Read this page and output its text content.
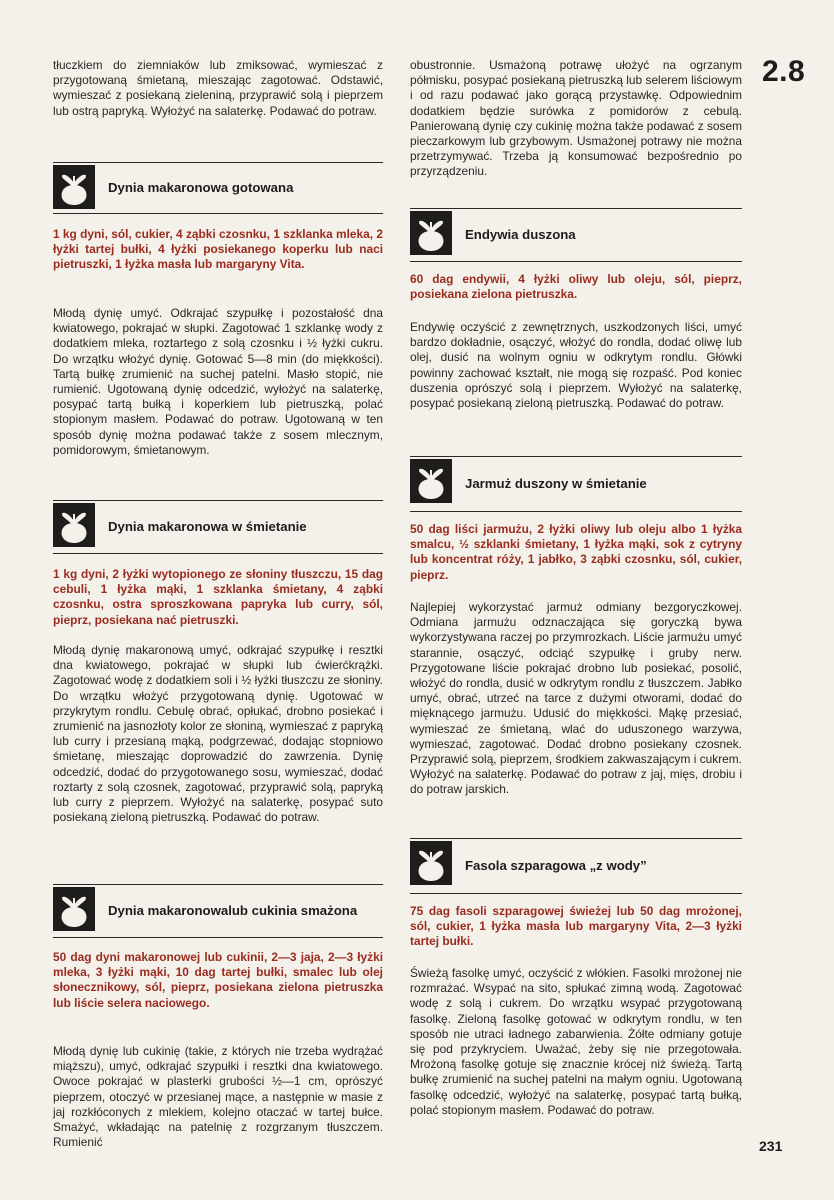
2.8

tłuczkiem do ziemniaków lub zmiksować, wymieszać z przygotowaną śmietaną, mieszając zagotować. Odstawić, wymieszać z posiekaną zieleniną, przyprawić solą i pieprzem lub ostrą papryką. Wyłożyć na salaterkę. Podawać do potraw.

Dynia makaronowa gotowana
1 kg dyni, sól, cukier, 4 ząbki czosnku, 1 szklanka mleka, 2 łyżki tartej bułki, 4 łyżki posiekanego koperku lub naci pietruszki, 1 łyżka masła lub margaryny Vita.

Młodą dynię umyć. Odkrajać szypułkę i pozostałość dna kwiatowego, pokrajać w słupki. Zagotować 1 szklankę wody z dodatkiem mleka, roztartego z solą czosnku i ½ łyżki cukru. Do wrzątku włożyć dynię. Gotować 5—8 min (do miękkości). Tartą bułkę zrumienić na suchej patelni. Masło stopić, nie rumienić. Ugotowaną dynię odcedzić, wyłożyć na salaterkę, posypać tartą bułką i koperkiem lub pietruszką, polać stopionym masłem. Podawać do potraw. Ugotowaną w ten sposób dynię można podawać także z sosem mlecznym, pomidorowym, śmietanowym.

Dynia makaronowa w śmietanie
1 kg dyni, 2 łyżki wytopionego ze słoniny tłuszczu, 15 dag cebuli, 1 łyżka mąki, 1 szklanka śmietany, 4 ząbki czosnku, ostra sproszkowana papryka lub curry, sól, pieprz, posiekana nać pietruszki.

Młodą dynię makaronową umyć, odkrajać szypułkę i resztki dna kwiatowego, pokrajać w słupki lub ćwierćkrążki. Zagotować wodę z dodatkiem soli i ½ łyżki tłuszczu ze słoniny. Do wrzątku włożyć przygotowaną dynię. Ugotować w przykrytym rondlu. Cebulę obrać, opłukać, drobno posiekać i zrumienić na jasnozłoty kolor ze słoniną, wymieszać z papryką lub curry i przesianą mąką, podgrzewać, dodając stopniowo śmietanę, mieszając doprowadzić do zawrzenia. Dynię odcedzić, dodać do przygotowanego sosu, wymieszać, dodać roztarty z solą czosnek, zagotować, przyprawić solą, papryką lub curry z pieprzem. Wyłożyć na salaterkę, posypać suto posiekaną zieloną pietruszką. Podawać do potraw.

Dynia makaronowa lub cukinia smażona
50 dag dyni makaronowej lub cukinii, 2—3 jaja, 2—3 łyżki mleka, 3 łyżki mąki, 10 dag tartej bułki, smalec lub olej słonecznikowy, sól, pieprz, posiekana zielona pietruszka lub liście selera naciowego.

Młodą dynię lub cukinię (takie, z których nie trzeba wydrążać miąższu), umyć, odkrajać szypułki i resztki dna kwiatowego. Owoce pokrajać w plasterki grubości ½—1 cm, oprószyć pieprzem, otoczyć w przesianej mące, a następnie w masie z jaj rozkłóconych z mlekiem, kolejno otaczać w tartej bułce. Smażyć, wkładając na patelnię z rozgrzanym tłuszczem. Rumienić

obustronnie. Usmażoną potrawę ułożyć na ogrzanym półmisku, posypać posiekaną pietruszką lub selerem liściowym i od razu podawać jako gorącą przystawkę. Odpowiednim dodatkiem będzie surówka z pomidorów z cebulą. Panierowaną dynię czy cukinię można także podawać z sosem pieczarkowym lub grzybowym. Usmażonej potrawy nie można przetrzymywać. Trzeba ją konsumować bezpośrednio po przyrządzeniu.

Endywia duszona
60 dag endywii, 4 łyżki oliwy lub oleju, sól, pieprz, posiekana zielona pietruszka.

Endywię oczyścić z zewnętrznych, uszkodzonych liści, umyć bardzo dokładnie, osączyć, włożyć do rondla, dodać oliwę lub olej, dusić na wolnym ogniu w odkrytym rondlu. Główki powinny zachować kształt, nie mogą się rozpaść. Pod koniec duszenia oprószyć solą i pieprzem. Wyłożyć na salaterkę, posypać posiekaną zieloną pietruszką. Podawać do potraw.

Jarmuż duszony w śmietanie
50 dag liści jarmużu, 2 łyżki oliwy lub oleju albo 1 łyżka smalcu, ½ szklanki śmietany, 1 łyżka mąki, sok z cytryny lub koncentrat róży, 1 jabłko, 3 ząbki czosnku, sól, cukier, pieprz.

Najlepiej wykorzystać jarmuż odmiany bezgoryczkowej. Odmiana jarmużu odznaczająca się goryczką bywa wykorzystywana raczej po przymrozkach. Liście jarmużu umyć starannie, osączyć, odciąć szypułkę i gruby nerw. Przygotowane liście pokrajać drobno lub posiekać, posolić, włożyć do rondla, dusić w odkrytym rondlu z tłuszczem. Jabłko umyć, obrać, utrzeć na tarce z dużymi otworami, dodać do mięknącego jarmużu. Udusić do miękkości. Mąkę przesiać, wymieszać ze śmietaną, wlać do uduszonego warzywa, wymieszać, zagotować. Dodać drobno posiekany czosnek. Przyprawić solą, pieprzem, środkiem zakwaszającym i cukrem. Wyłożyć na salaterkę. Podawać do potraw z jaj, mięs, drobiu i do potraw jarskich.

Fasola szparagowa „z wody”
75 dag fasoli szparagowej świeżej lub 50 dag mrożonej, sól, cukier, 1 łyżka masła lub margaryny Vita, 2—3 łyżki tartej bułki.

Świeżą fasolkę umyć, oczyścić z włókien. Fasolki mrożonej nie rozmrażać. Wsypać na sito, spłukać zimną wodą. Zagotować wodę z solą i cukrem. Do wrzątku wsypać przygotowaną fasolkę. Zieloną fasolkę gotować w odkrytym rondlu, w ten sposób nie utraci ładnego zabarwienia. Żółte odmiany gotuje się pod przykryciem. Uważać, żeby się nie przegotowała. Mrożoną fasolkę gotuje się znacznie krócej niż świeżą. Tartą bułkę zrumienić na suchej patelni na małym ogniu. Ugotowaną fasolkę odcedzić, wyłożyć na salaterkę, posypać tartą bułką, polać stopionym masłem. Podawać do potraw.

231
